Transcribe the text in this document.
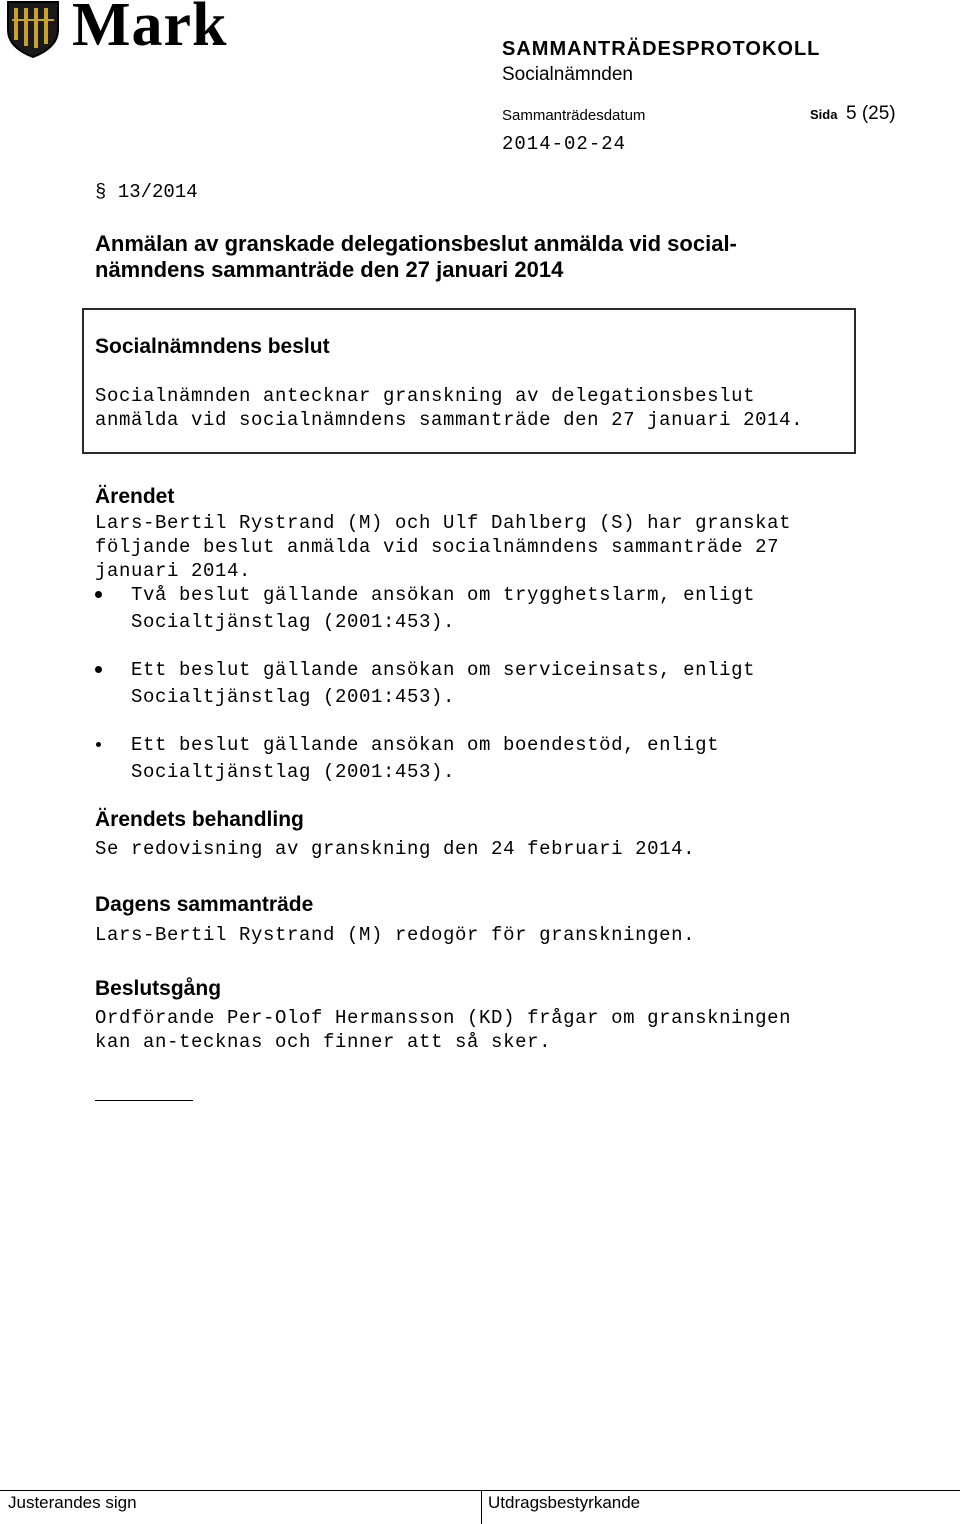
Mark	SAMMANTRÄDESPROTOKOLL
Socialnämnden
Sammanträdesdatum	Sida 5 (25)
2014-02-24
§ 13/2014
Anmälan av granskade delegationsbeslut anmälda vid social-nämndens sammanträde den 27 januari 2014
Socialnämndens beslut
Socialnämnden antecknar granskning av delegationsbeslut anmälda vid socialnämndens sammanträde den 27 januari 2014.
Ärendet
Lars-Bertil Rystrand (M) och Ulf Dahlberg (S) har granskat följande beslut anmälda vid socialnämndens sammanträde 27 januari 2014.
Två beslut gällande ansökan om trygghetslarm, enligt Socialtjänstlag (2001:453).
Ett beslut gällande ansökan om serviceinsats, enligt Socialtjänstlag (2001:453).
Ett beslut gällande ansökan om boendestöd, enligt Socialtjänstlag (2001:453).
Ärendets behandling
Se redovisning av granskning den 24 februari 2014.
Dagens sammanträde
Lars-Bertil Rystrand (M) redogör för granskningen.
Beslutsgång
Ordförande Per-Olof Hermansson (KD) frågar om granskningen kan an-tecknas och finner att så sker.
Justerandes sign	Utdragsbestyrkande
